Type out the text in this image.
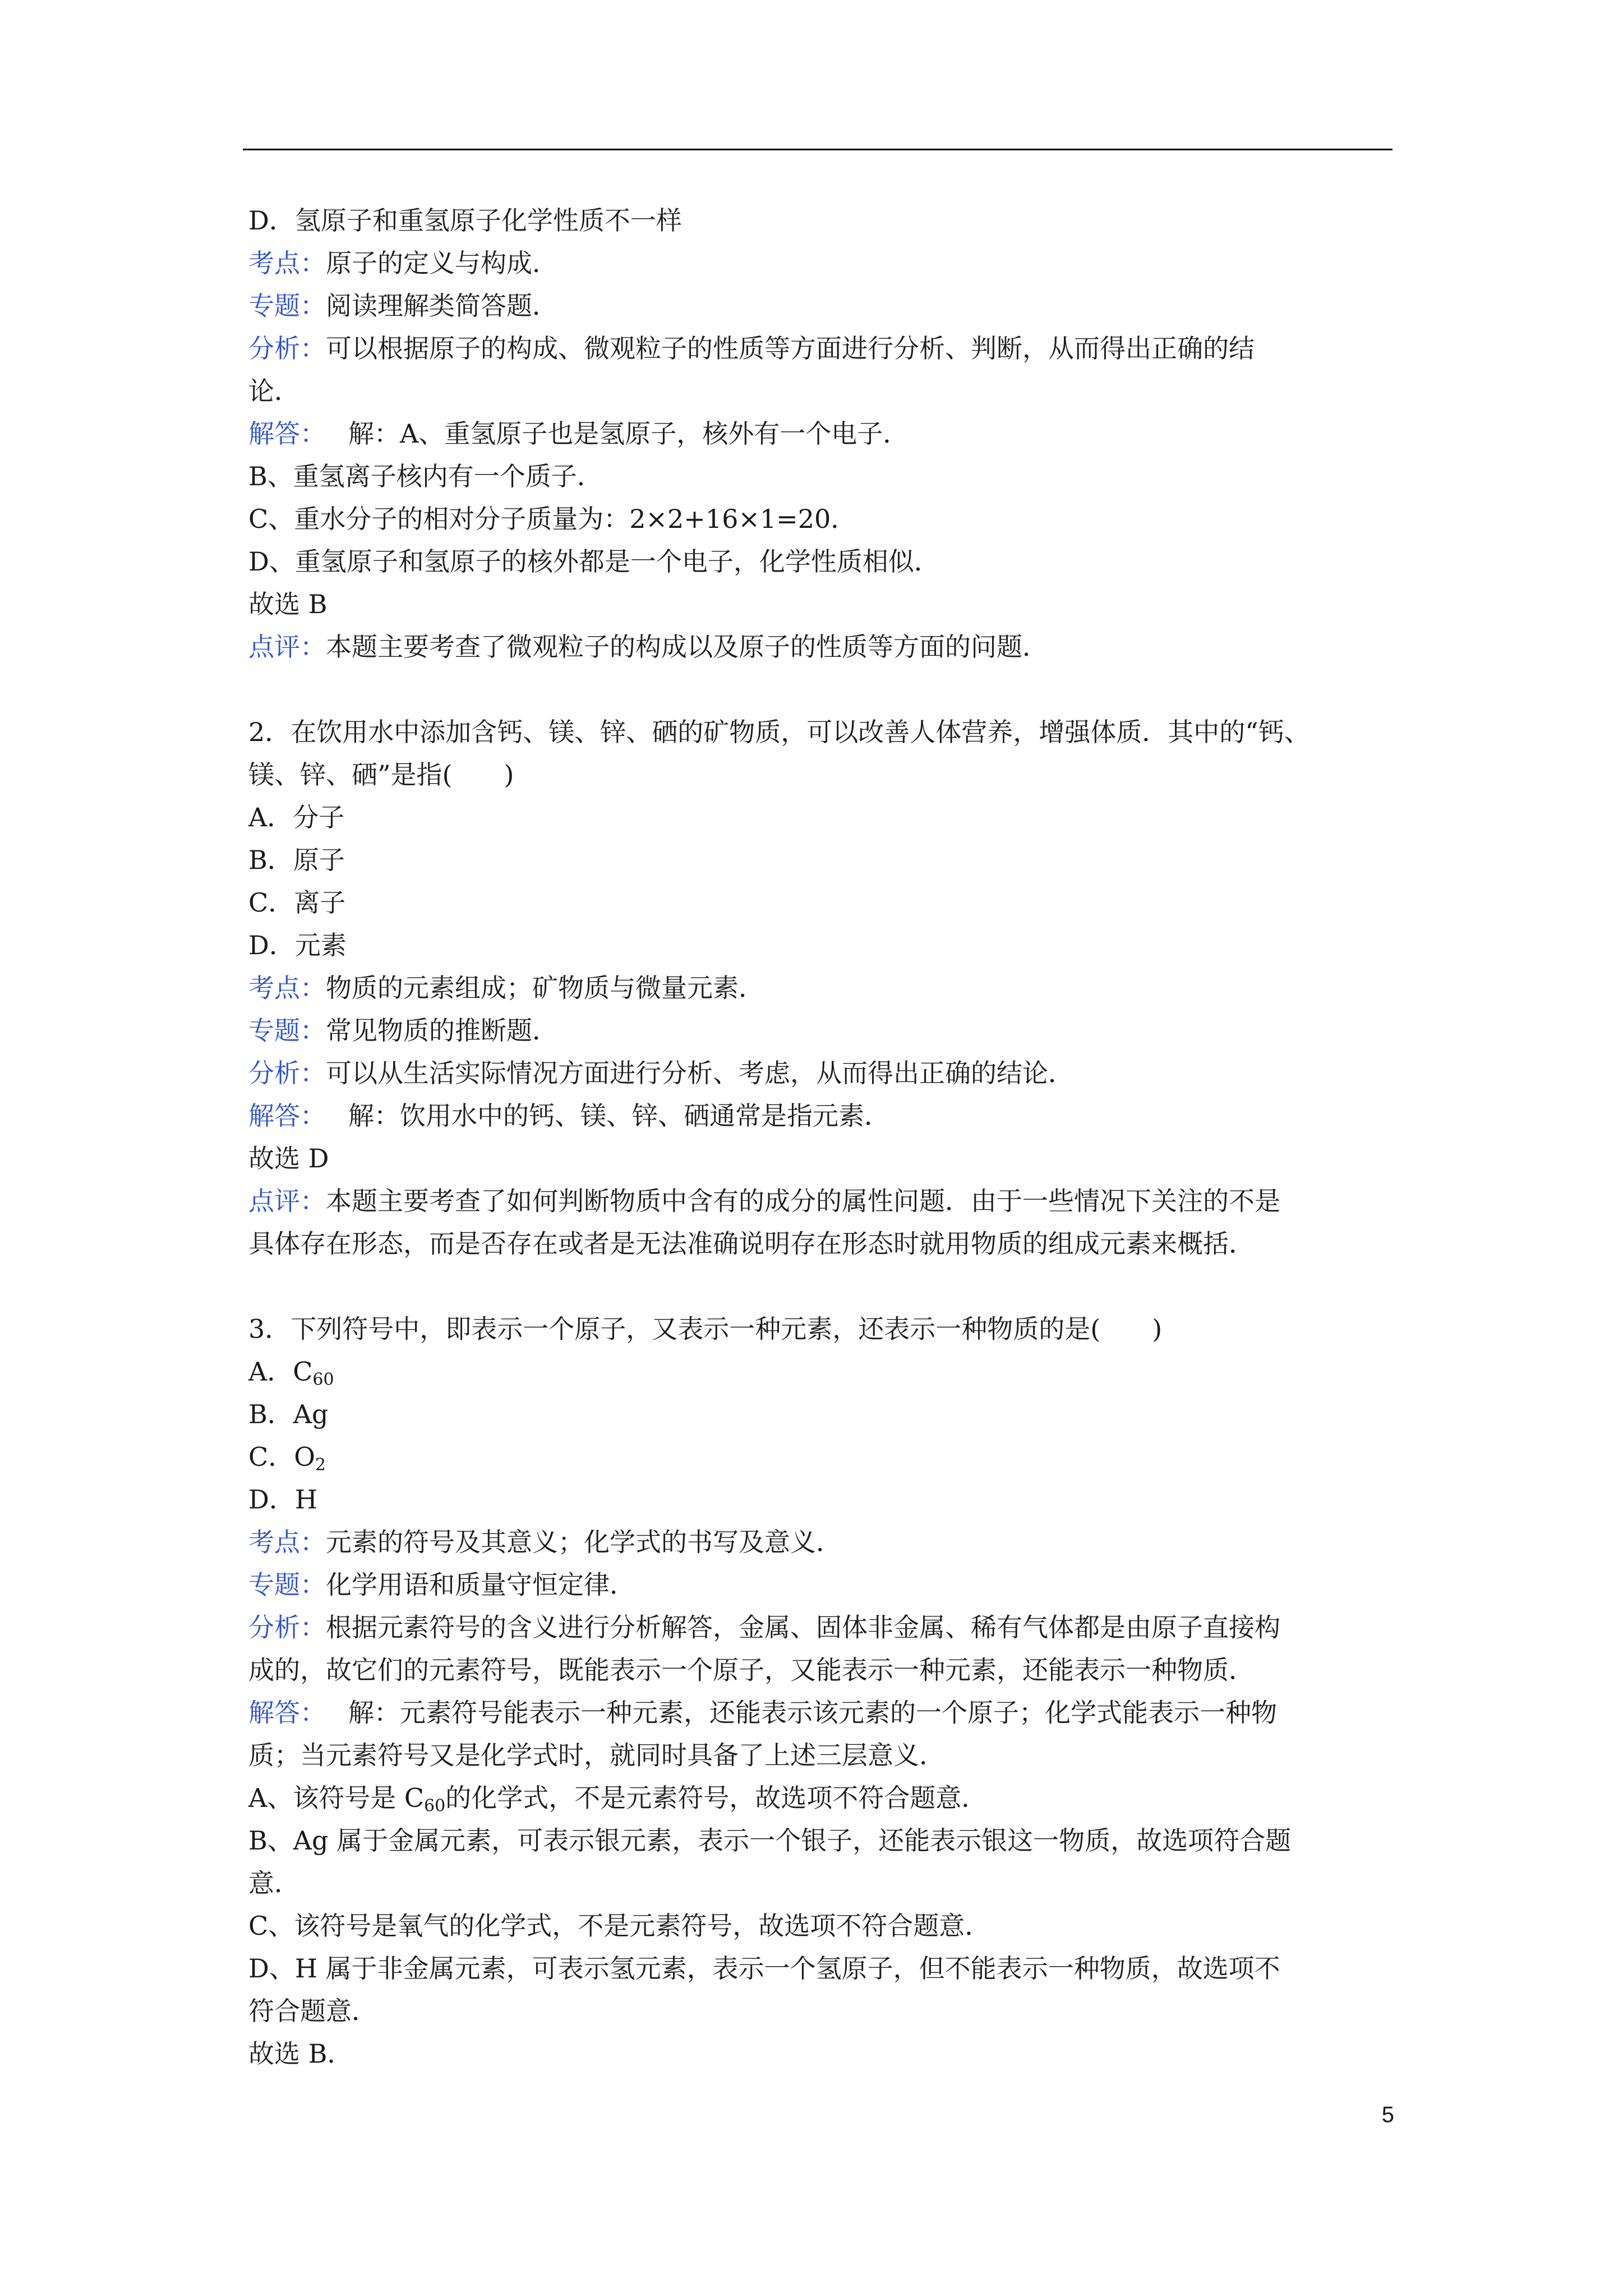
D．氢原子和重氢原子化学性质不一样
考点：原子的定义与构成．
专题：阅读理解类简答题．
分析：可以根据原子的构成、微观粒子的性质等方面进行分析、判断，从而得出正确的结
论．
解答： 解：A、重氢原子也是氢原子，核外有一个电子．
B、重氢离子核内有一个质子．
C、重水分子的相对分子质量为：2×2+16×1=20．
D、重氢原子和氢原子的核外都是一个电子，化学性质相似．
故选 B
点评：本题主要考查了微观粒子的构成以及原子的性质等方面的问题．
2．在饮用水中添加含钙、镁、锌、硒的矿物质，可以改善人体营养，增强体质．其中的“钙、
镁、锌、硒”是指(　　)
A．分子
B．原子
C．离子
D．元素
考点：物质的元素组成；矿物质与微量元素．
专题：常见物质的推断题．
分析：可以从生活实际情况方面进行分析、考虑，从而得出正确的结论．
解答： 解：饮用水中的钙、镁、锌、硒通常是指元素．
故选 D
点评：本题主要考查了如何判断物质中含有的成分的属性问题．由于一些情况下关注的不是
具体存在形态，而是否存在或者是无法准确说明存在形态时就用物质的组成元素来概括．
3．下列符号中，即表示一个原子，又表示一种元素，还表示一种物质的是(　　)
A．$C_{60}$
B．Ag
C．$O_2$
D．H
考点：元素的符号及其意义；化学式的书写及意义．
专题：化学用语和质量守恒定律．
分析：根据元素符号的含义进行分析解答，金属、固体非金属、稀有气体都是由原子直接构
成的，故它们的元素符号，既能表示一个原子，又能表示一种元素，还能表示一种物质．
解答： 解：元素符号能表示一种元素，还能表示该元素的一个原子；化学式能表示一种物
质；当元素符号又是化学式时，就同时具备了上述三层意义．
A、该符号是 $C_{60}$的化学式，不是元素符号，故选项不符合题意．
B、Ag 属于金属元素，可表示银元素，表示一个银子，还能表示银这一物质，故选项符合题
意．
C、该符号是氧气的化学式，不是元素符号，故选项不符合题意．
D、H 属于非金属元素，可表示氢元素，表示一个氢原子，但不能表示一种物质，故选项不
符合题意．
故选 B．
5
